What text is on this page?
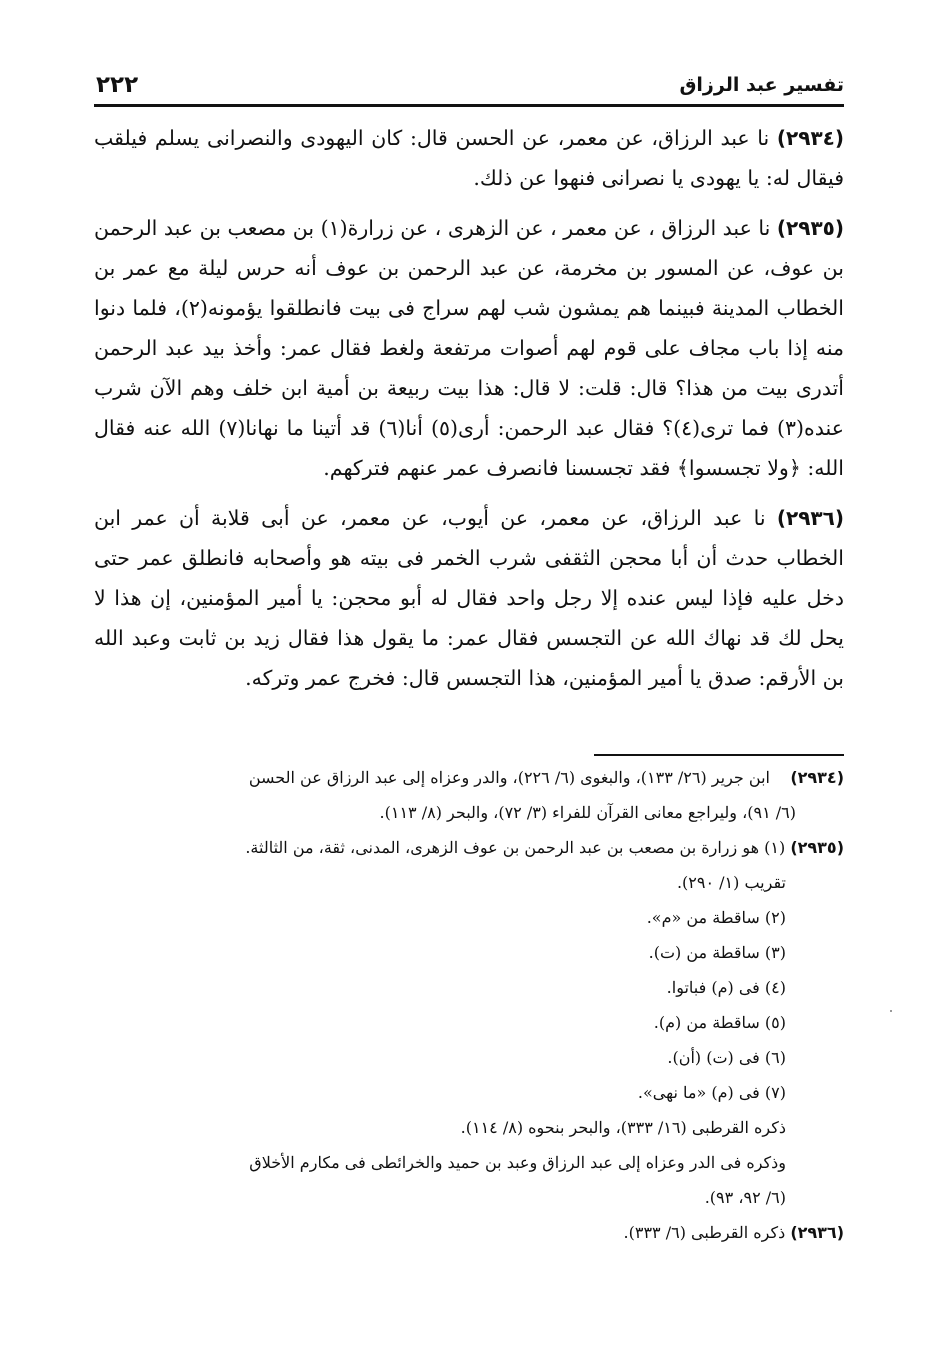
٢٢٢	تفسير عبد الرزاق

(٢٩٣٤) نا عبد الرزاق، عن معمر، عن الحسن قال: كان اليهودى والنصرانى يسلم فيلقب فيقال له: يا يهودى يا نصرانى فنهوا عن ذلك.

(٢٩٣٥) نا عبد الرزاق ، عن معمر ، عن الزهرى ، عن زرارة(١) بن مصعب بن عبد الرحمن بن عوف، عن المسور بن مخرمة، عن عبد الرحمن بن عوف أنه حرس ليلة مع عمر بن الخطاب المدينة فبينما هم يمشون شب لهم سراج فى بيت فانطلقوا يؤمونه(٢)، فلما دنوا منه إذا باب مجاف على قوم لهم أصوات مرتفعة ولغط فقال عمر: وأخذ بيد عبد الرحمن أتدرى بيت من هذا؟ قال: قلت: لا قال: هذا بيت ربيعة بن أمية ابن خلف وهم الآن شرب عنده(٣) فما ترى(٤)؟ فقال عبد الرحمن: أرى(٥) أنا(٦) قد أتينا ما نهانا(٧) الله عنه فقال الله: ﴿ولا تجسسوا﴾ فقد تجسسنا فانصرف عمر عنهم فتركهم.

(٢٩٣٦) نا عبد الرزاق، عن معمر، عن أيوب، عن معمر، عن أبى قلابة أن عمر ابن الخطاب حدث أن أبا محجن الثقفى شرب الخمر فى بيته هو وأصحابه فانطلق عمر حتى دخل عليه فإذا ليس عنده إلا رجل واحد فقال له أبو محجن: يا أمير المؤمنين، إن هذا لا يحل لك قد نهاك الله عن التجسس فقال عمر: ما يقول هذا فقال زيد بن ثابت وعبد الله بن الأرقم: صدق يا أمير المؤمنين، هذا التجسس قال: فخرج عمر وتركه.

(٢٩٣٤)    ابن جرير (٢٦/ ١٣٣)، والبغوى (٦/ ٢٢٦)، والدر وعزاه إلى عبد الرزاق عن الحسن
(٦/ ٩١)، وليراجع معانى القرآن للفراء (٣/ ٧٢)، والبحر (٨/ ١١٣).
(٢٩٣٥) (١) هو زرارة بن مصعب بن عبد الرحمن بن عوف الزهرى، المدنى، ثقة، من الثالثة.
تقريب (١/ ٢٩٠).
(٢) ساقطة من «م».
(٣) ساقطة من (ت).
(٤) فى (م) فباتوا.
(٥) ساقطة من (م).
(٦) فى (ت) (أن).
(٧) فى (م) «ما نهى».
ذكره القرطبى (١٦/ ٣٣٣)، والبحر بنحوه (٨/ ١١٤).
وذكره فى الدر وعزاه إلى عبد الرزاق وعبد بن حميد والخرائطى فى مكارم الأخلاق
(٦/ ٩٢، ٩٣).
(٢٩٣٦) ذكره القرطبى (٦/ ٣٣٣).
